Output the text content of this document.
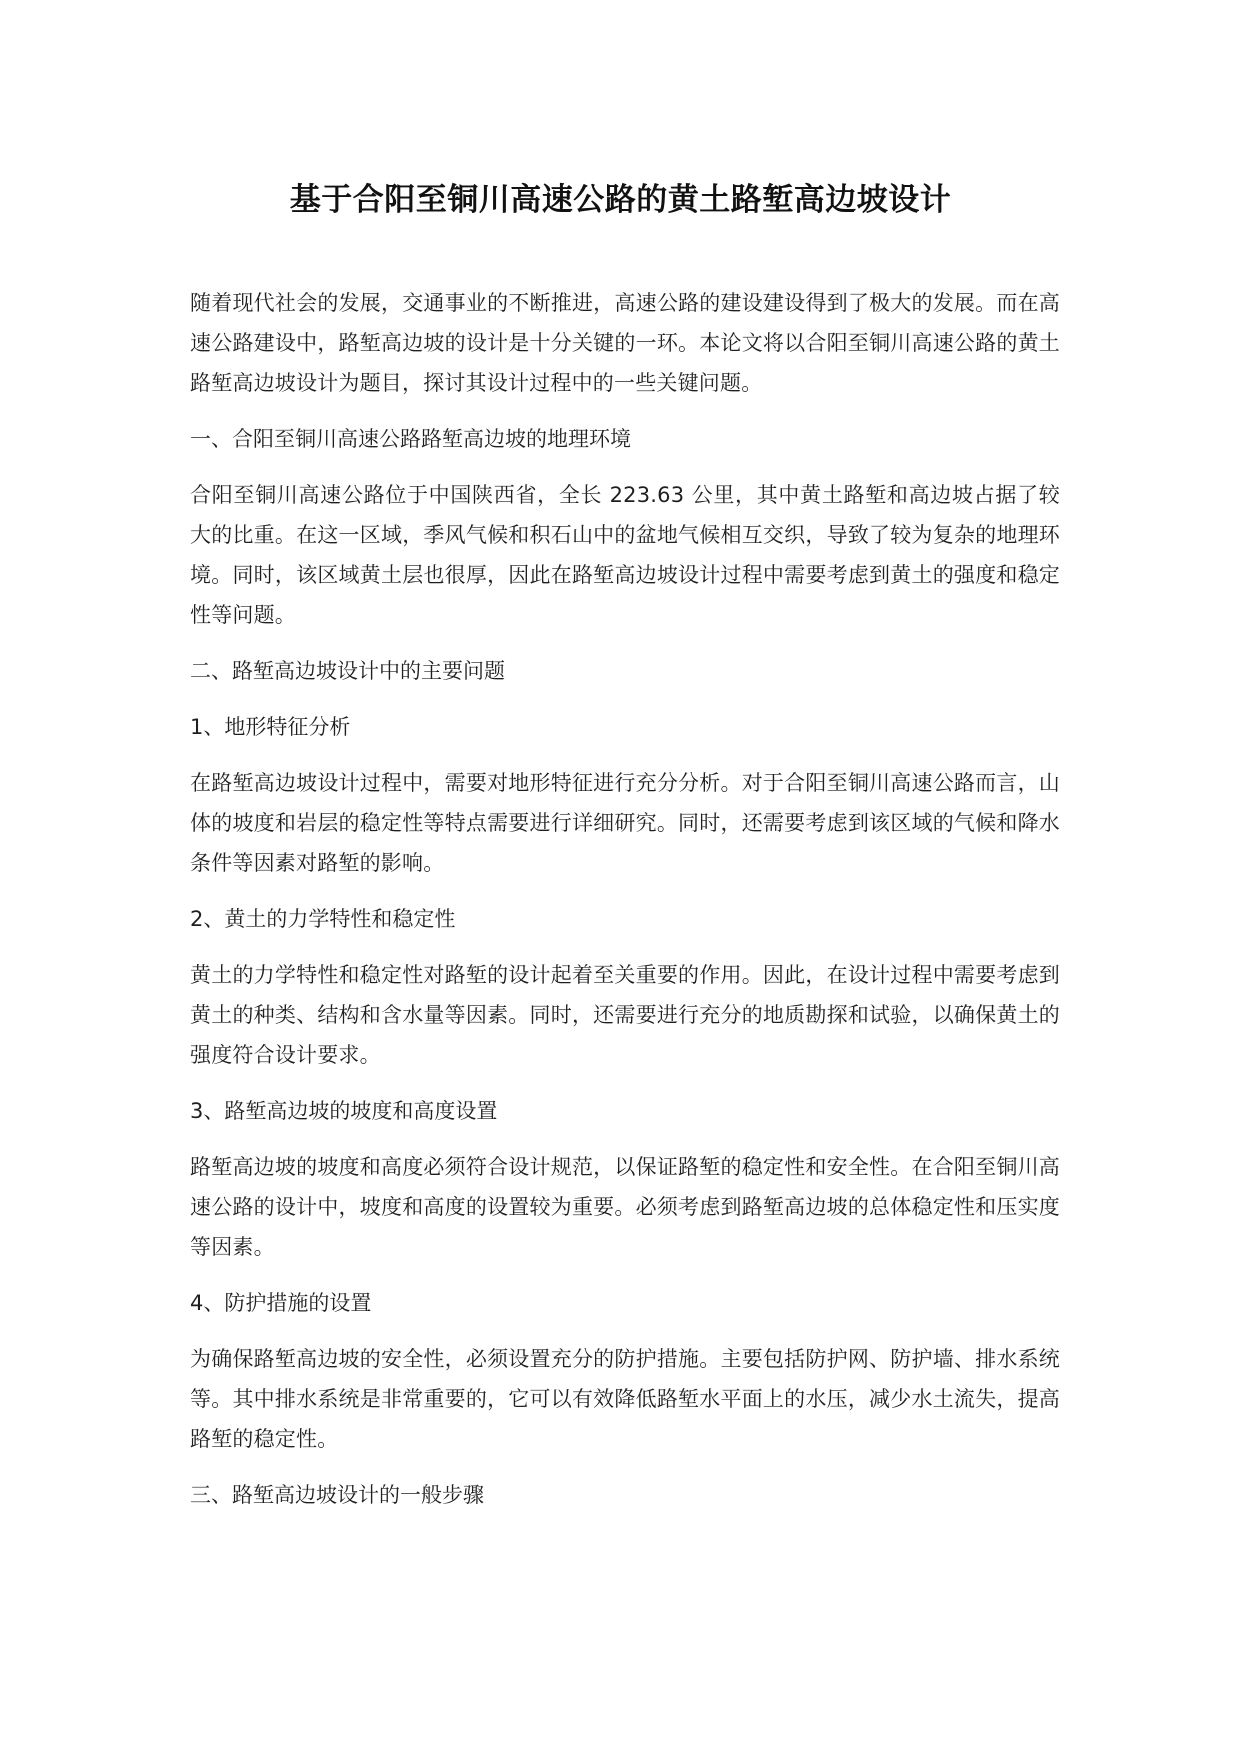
基于合阳至铜川高速公路的黄土路堑高边坡设计

随着现代社会的发展，交通事业的不断推进，高速公路的建设建设得到了极大的发展。而在高速公路建设中，路堑高边坡的设计是十分关键的一环。本论文将以合阳至铜川高速公路的黄土路堑高边坡设计为题目，探讨其设计过程中的一些关键问题。

一、合阳至铜川高速公路路堑高边坡的地理环境

合阳至铜川高速公路位于中国陕西省，全长 223.63 公里，其中黄土路堑和高边坡占据了较大的比重。在这一区域，季风气候和积石山中的盆地气候相互交织，导致了较为复杂的地理环境。同时，该区域黄土层也很厚，因此在路堑高边坡设计过程中需要考虑到黄土的强度和稳定性等问题。

二、路堑高边坡设计中的主要问题

1、地形特征分析

在路堑高边坡设计过程中，需要对地形特征进行充分分析。对于合阳至铜川高速公路而言，山体的坡度和岩层的稳定性等特点需要进行详细研究。同时，还需要考虑到该区域的气候和降水条件等因素对路堑的影响。

2、黄土的力学特性和稳定性

黄土的力学特性和稳定性对路堑的设计起着至关重要的作用。因此，在设计过程中需要考虑到黄土的种类、结构和含水量等因素。同时，还需要进行充分的地质勘探和试验，以确保黄土的强度符合设计要求。

3、路堑高边坡的坡度和高度设置

路堑高边坡的坡度和高度必须符合设计规范，以保证路堑的稳定性和安全性。在合阳至铜川高速公路的设计中，坡度和高度的设置较为重要。必须考虑到路堑高边坡的总体稳定性和压实度等因素。

4、防护措施的设置

为确保路堑高边坡的安全性，必须设置充分的防护措施。主要包括防护网、防护墙、排水系统等。其中排水系统是非常重要的，它可以有效降低路堑水平面上的水压，减少水土流失，提高路堑的稳定性。

三、路堑高边坡设计的一般步骤
